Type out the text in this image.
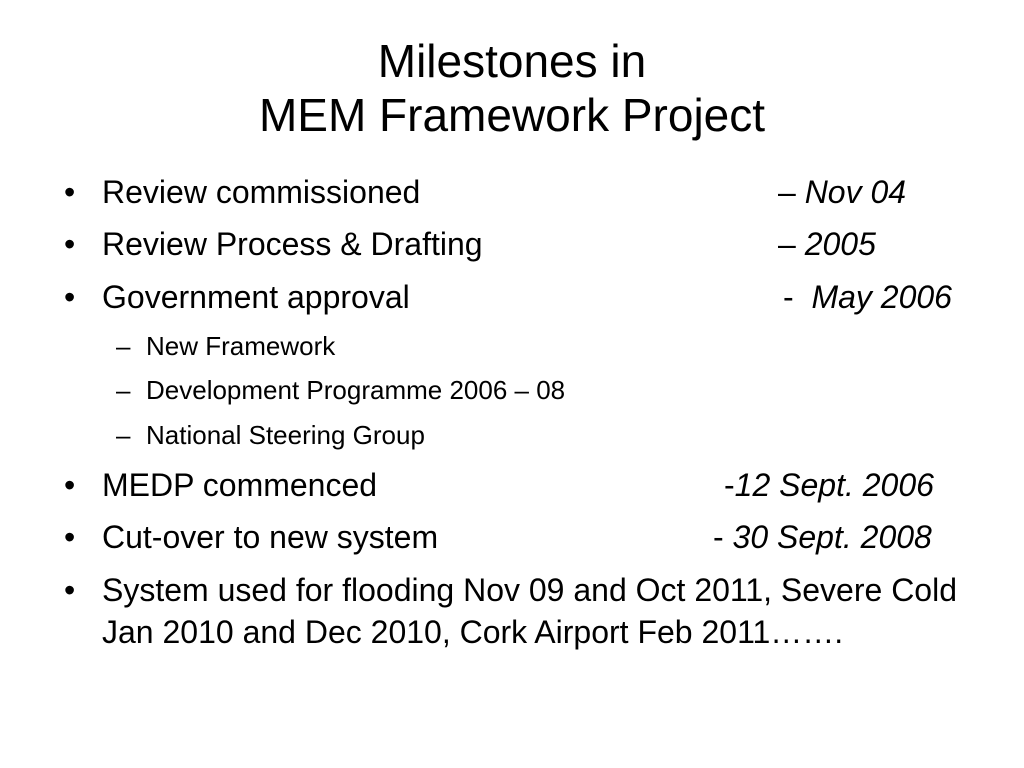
Milestones in
MEM Framework Project
• Review commissioned	– Nov 04
• Review Process & Drafting	– 2005
• Government approval	-  May 2006
– New Framework
– Development Programme 2006 – 08
– National Steering Group
• MEDP commenced	-12 Sept. 2006
• Cut-over to new system	- 30 Sept. 2008
• System used for flooding Nov 09 and Oct 2011, Severe Cold Jan 2010 and Dec 2010, Cork Airport Feb 2011…….
